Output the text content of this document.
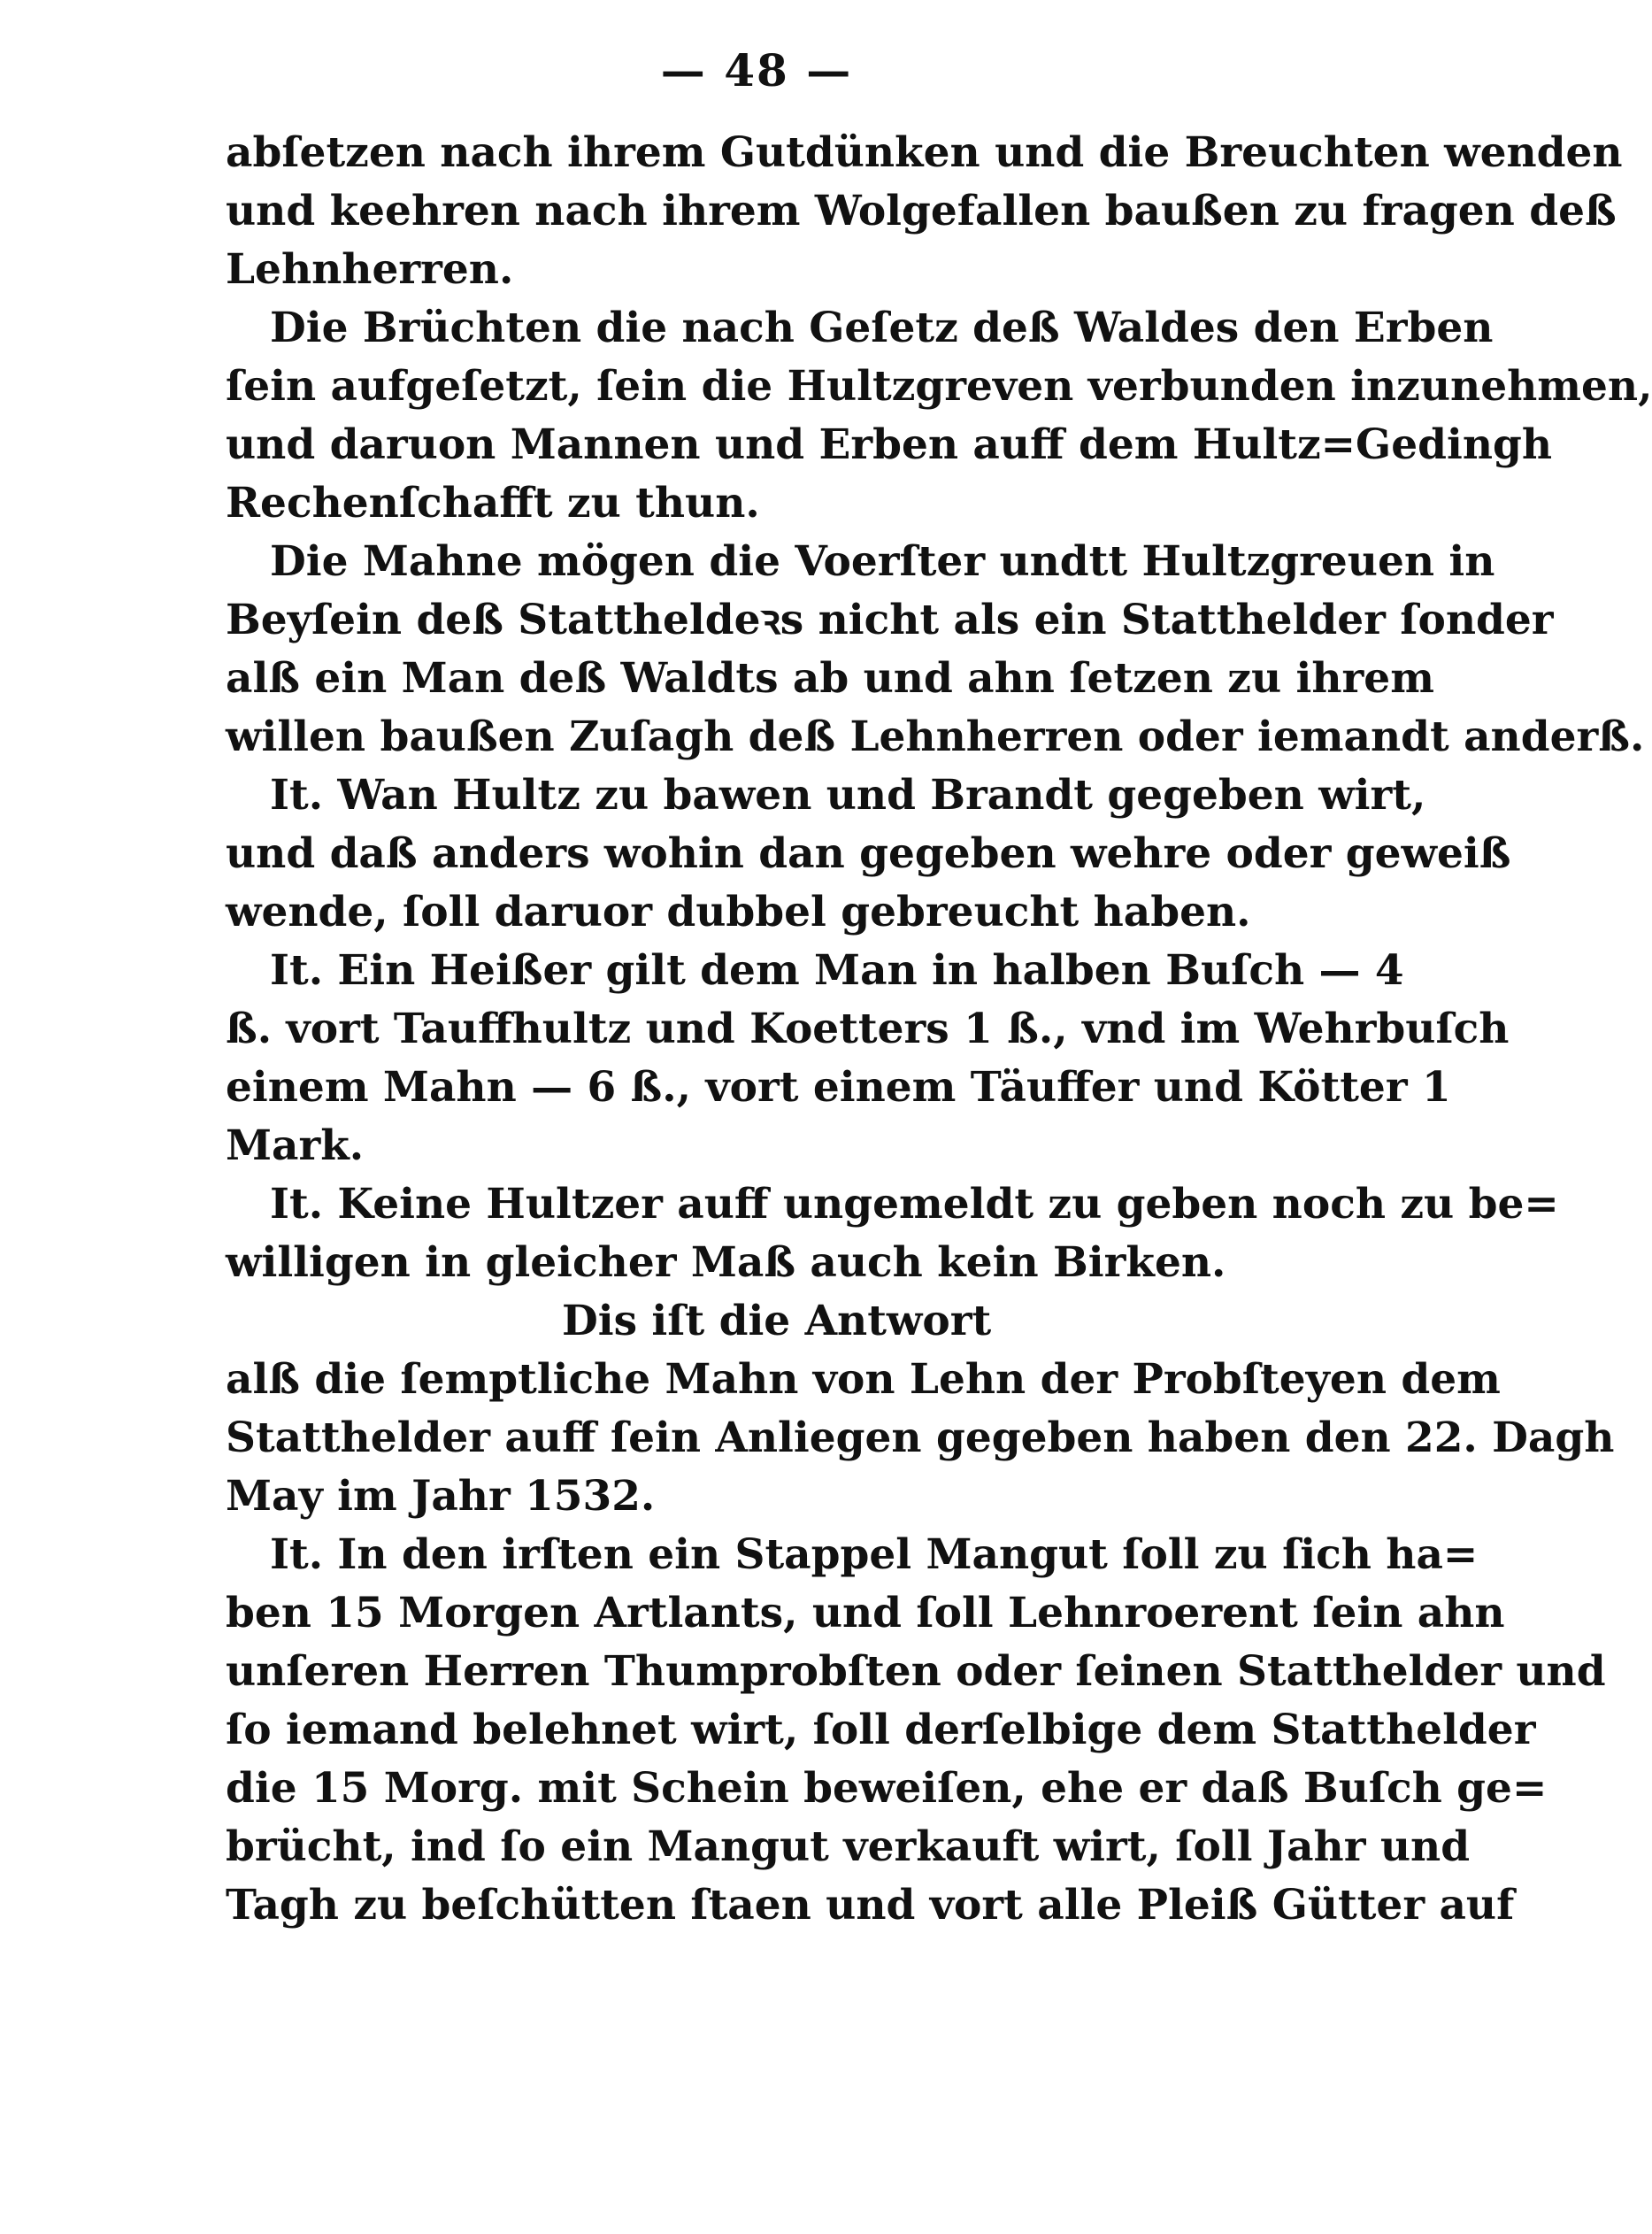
— 48 —
abſetzen nach ihrem Gutdünken und die Breuchten wenden
und keehren nach ihrem Wolgefallen baußen zu fragen deß
Lehnherren.
Die Brüchten die nach Geſetz deß Waldes den Erben
ſein aufgeſetzt, ſein die Hultzgreven verbunden inzunehmen,
und daruon Mannen und Erben auff dem Hultz=Gedingh
Rechenſchafft zu thun.
Die Mahne mögen die Voerſter undtt Hultzgreuen in
Beyſein deß Stattheldeꝛs nicht als ein Statthelder ſonder
alß ein Man deß Waldts ab und ahn ſetzen zu ihrem
willen baußen Zuſagh deß Lehnherren oder iemandt anderß.
It. Wan Hultz zu bawen und Brandt gegeben wirt,
und daß anders wohin dan gegeben wehre oder geweiß
wende, ſoll daruor dubbel gebreucht haben.
It. Ein Heißer gilt dem Man in halben Buſch — 4
ß. vort Tauffhultz und Koetters 1 ß., vnd im Wehrbuſch
einem Mahn — 6 ß., vort einem Täuffer und Kötter 1
Mark.
It. Keine Hultzer auff ungemeldt zu geben noch zu be=
willigen in gleicher Maß auch kein Birken.
Dis iſt die Antwort
alß die ſemptliche Mahn von Lehn der Probſteyen dem
Statthelder auff ſein Anliegen gegeben haben den 22. Dagh
May im Jahr 1532.
It. In den irſten ein Stappel Mangut ſoll zu ſich ha=
ben 15 Morgen Artlants, und ſoll Lehnroerent ſein ahn
unſeren Herren Thumprobſten oder ſeinen Statthelder und
ſo iemand belehnet wirt, ſoll derſelbige dem Statthelder
die 15 Morg. mit Schein beweiſen, ehe er daß Buſch ge=
brücht, ind ſo ein Mangut verkauft wirt, ſoll Jahr und
Tagh zu beſchütten ſtaen und vort alle Pleiß Gütter auf
